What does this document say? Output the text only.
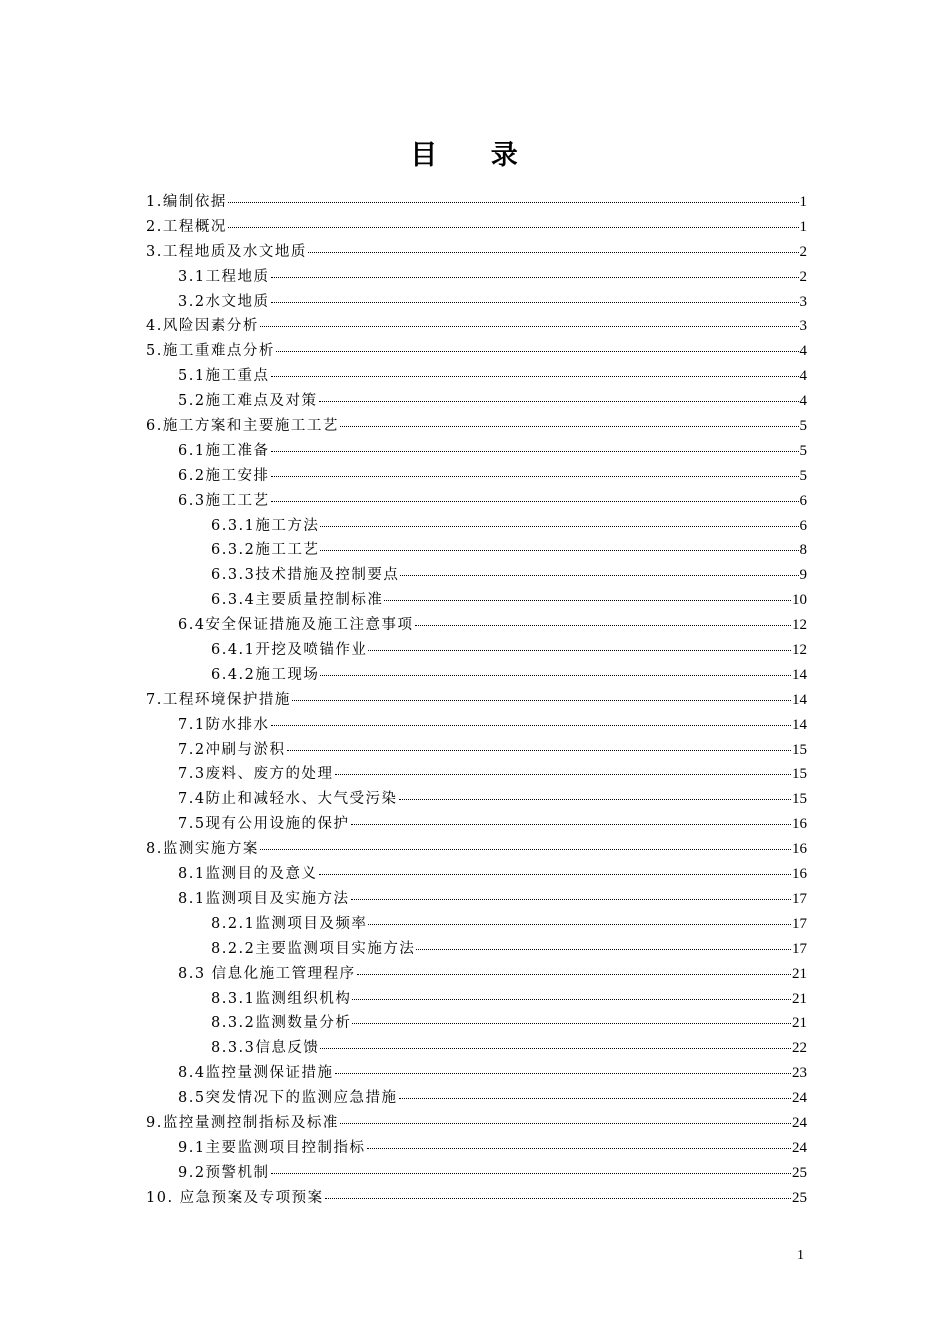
目 录
1.编制依据	1
2.工程概况	1
3.工程地质及水文地质	2
3.1工程地质	2
3.2水文地质	3
4.风险因素分析	3
5.施工重难点分析	4
5.1施工重点	4
5.2施工难点及对策	4
6.施工方案和主要施工工艺	5
6.1施工准备	5
6.2施工安排	5
6.3施工工艺	6
6.3.1施工方法	6
6.3.2施工工艺	8
6.3.3技术措施及控制要点	9
6.3.4主要质量控制标准	10
6.4安全保证措施及施工注意事项	12
6.4.1开挖及喷锚作业	12
6.4.2施工现场	14
7.工程环境保护措施	14
7.1防水排水	14
7.2冲刷与淤积	15
7.3废料、废方的处理	15
7.4防止和减轻水、大气受污染	15
7.5现有公用设施的保护	16
8.监测实施方案	16
8.1监测目的及意义	16
8.1监测项目及实施方法	17
8.2.1监测项目及频率	17
8.2.2主要监测项目实施方法	17
8.3 信息化施工管理程序	21
8.3.1监测组织机构	21
8.3.2监测数量分析	21
8.3.3信息反馈	22
8.4监控量测保证措施	23
8.5突发情况下的监测应急措施	24
9.监控量测控制指标及标准	24
9.1主要监测项目控制指标	24
9.2预警机制	25
10. 应急预案及专项预案	25
1
